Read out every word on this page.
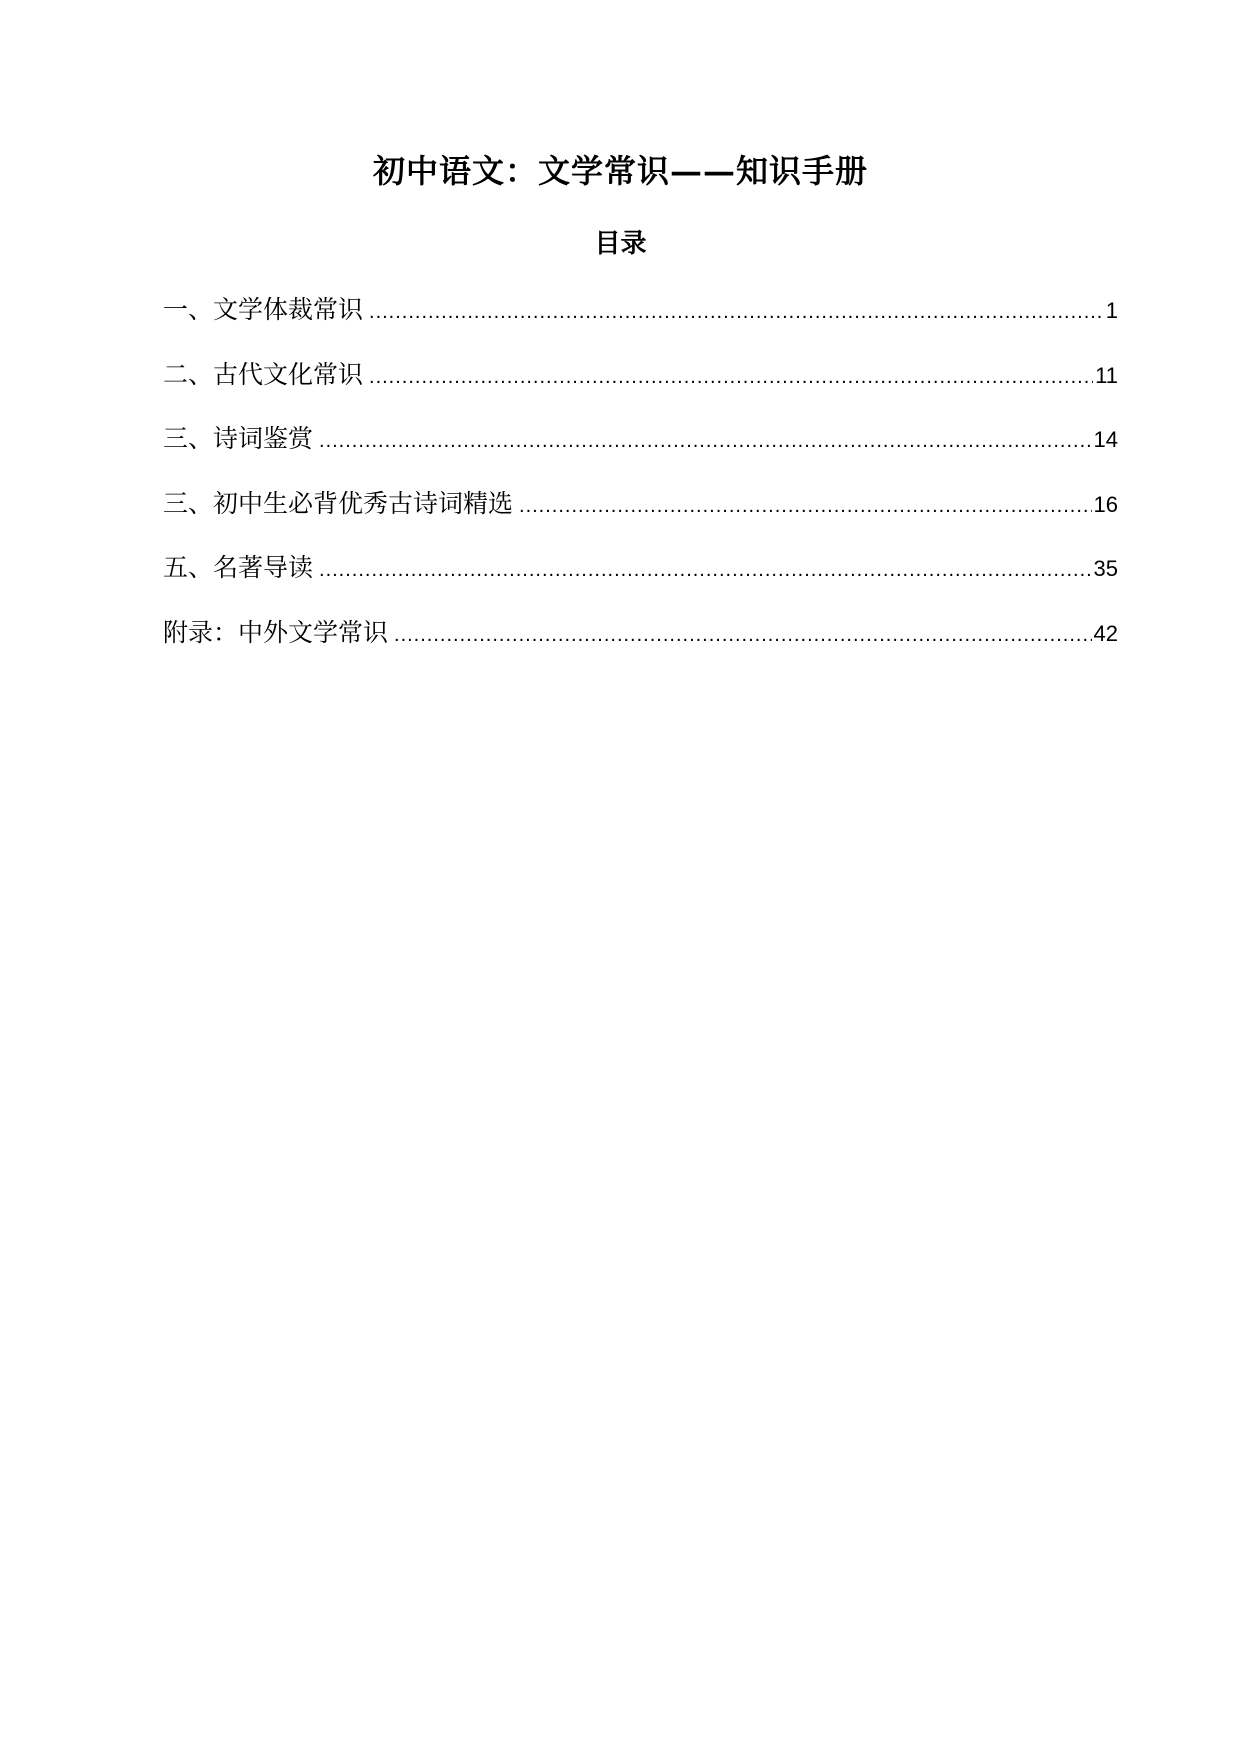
初中语文：文学常识——知识手册
目录
一、文学体裁常识 .....	1
二、古代文化常识 .....	11
三、诗词鉴赏 .....	14
三、初中生必背优秀古诗词精选 .....	16
五、名著导读 .....	35
附录：中外文学常识 .....	42
